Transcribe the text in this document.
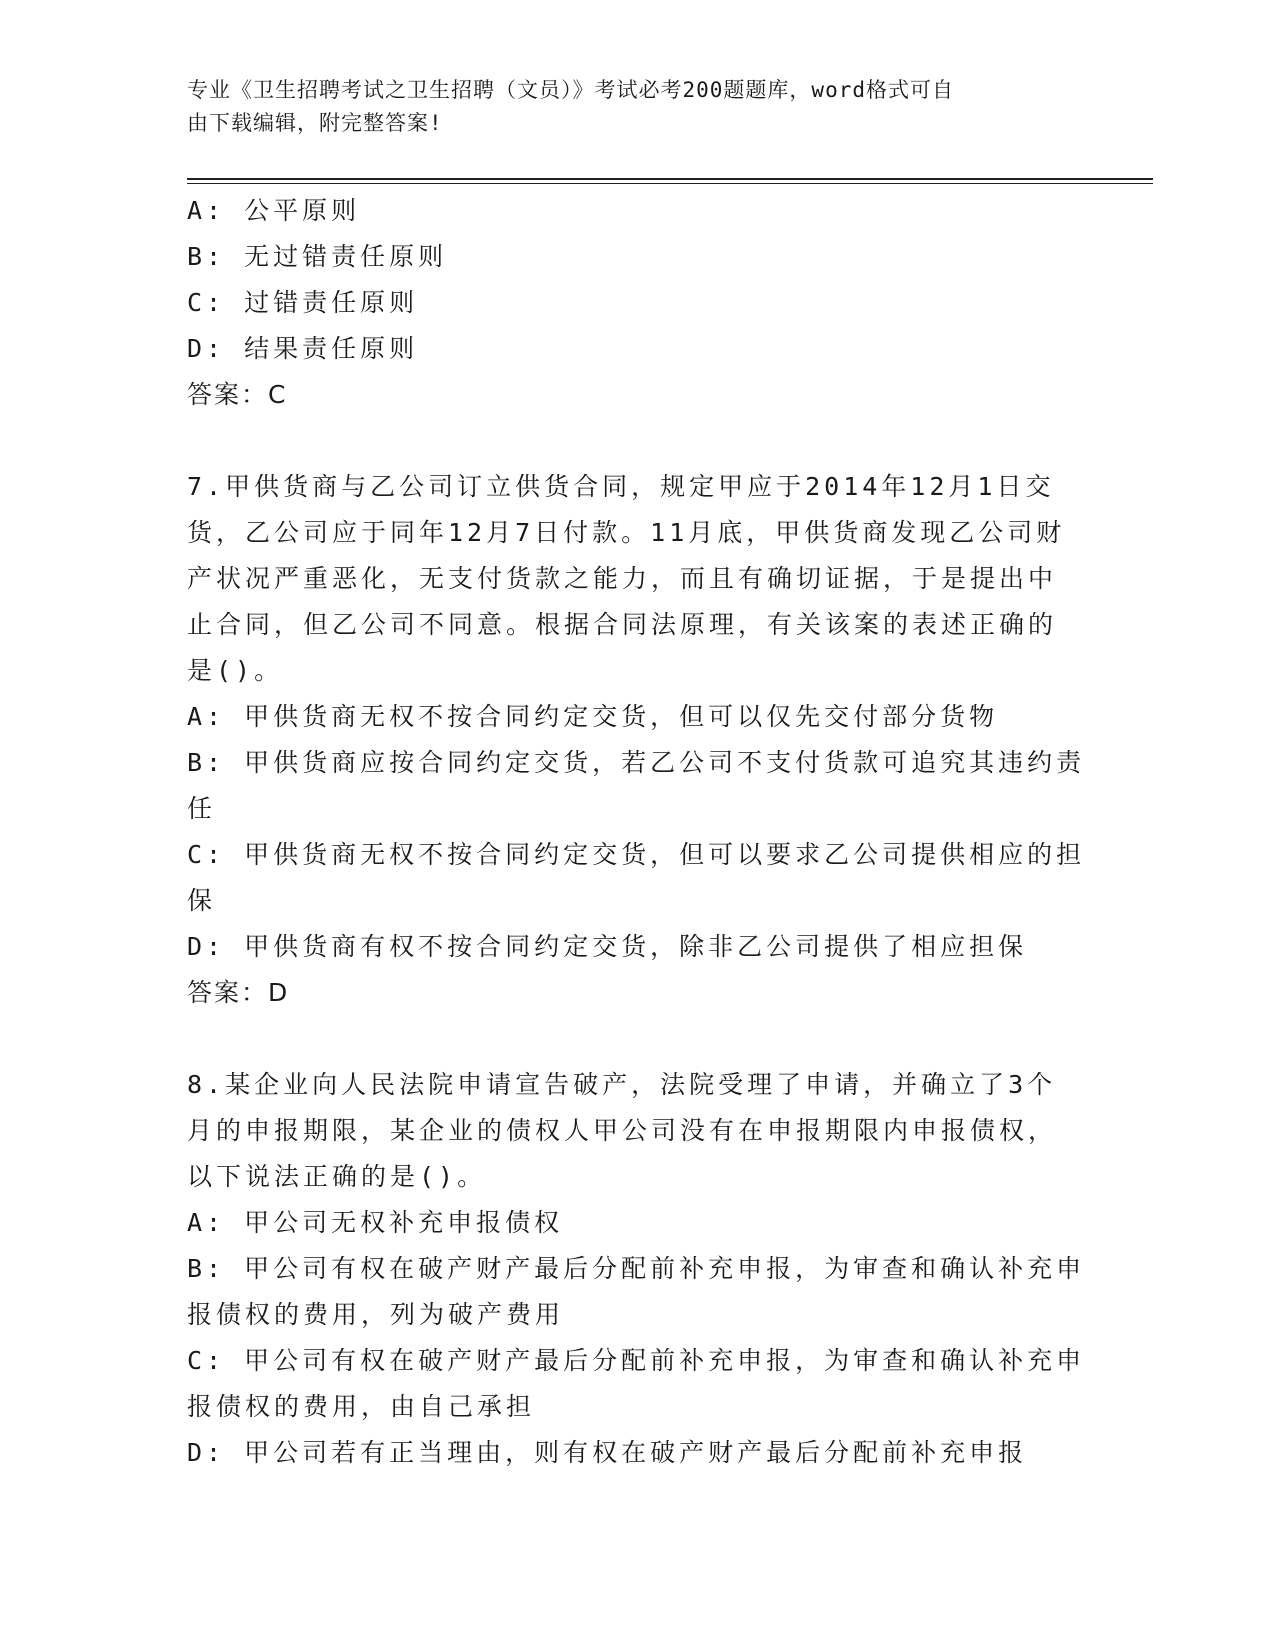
专业《卫生招聘考试之卫生招聘（文员）》考试必考200题题库，word格式可自

由下载编辑，附完整答案!

A: 公平原则

B: 无过错责任原则

C: 过错责任原则

D: 结果责任原则

答案：C

7.甲供货商与乙公司订立供货合同，规定甲应于2014年12月1日交

货，乙公司应于同年12月7日付款。11月底，甲供货商发现乙公司财

产状况严重恶化，无支付货款之能力，而且有确切证据，于是提出中

止合同，但乙公司不同意。根据合同法原理，有关该案的表述正确的

是()。

A: 甲供货商无权不按合同约定交货，但可以仅先交付部分货物

B: 甲供货商应按合同约定交货，若乙公司不支付货款可追究其违约责

任

C: 甲供货商无权不按合同约定交货，但可以要求乙公司提供相应的担

保

D: 甲供货商有权不按合同约定交货，除非乙公司提供了相应担保

答案：D

8.某企业向人民法院申请宣告破产，法院受理了申请，并确立了3个

月的申报期限，某企业的债权人甲公司没有在申报期限内申报债权，

以下说法正确的是()。

A: 甲公司无权补充申报债权

B: 甲公司有权在破产财产最后分配前补充申报，为审查和确认补充申

报债权的费用，列为破产费用

C: 甲公司有权在破产财产最后分配前补充申报，为审查和确认补充申

报债权的费用，由自己承担

D: 甲公司若有正当理由，则有权在破产财产最后分配前补充申报
